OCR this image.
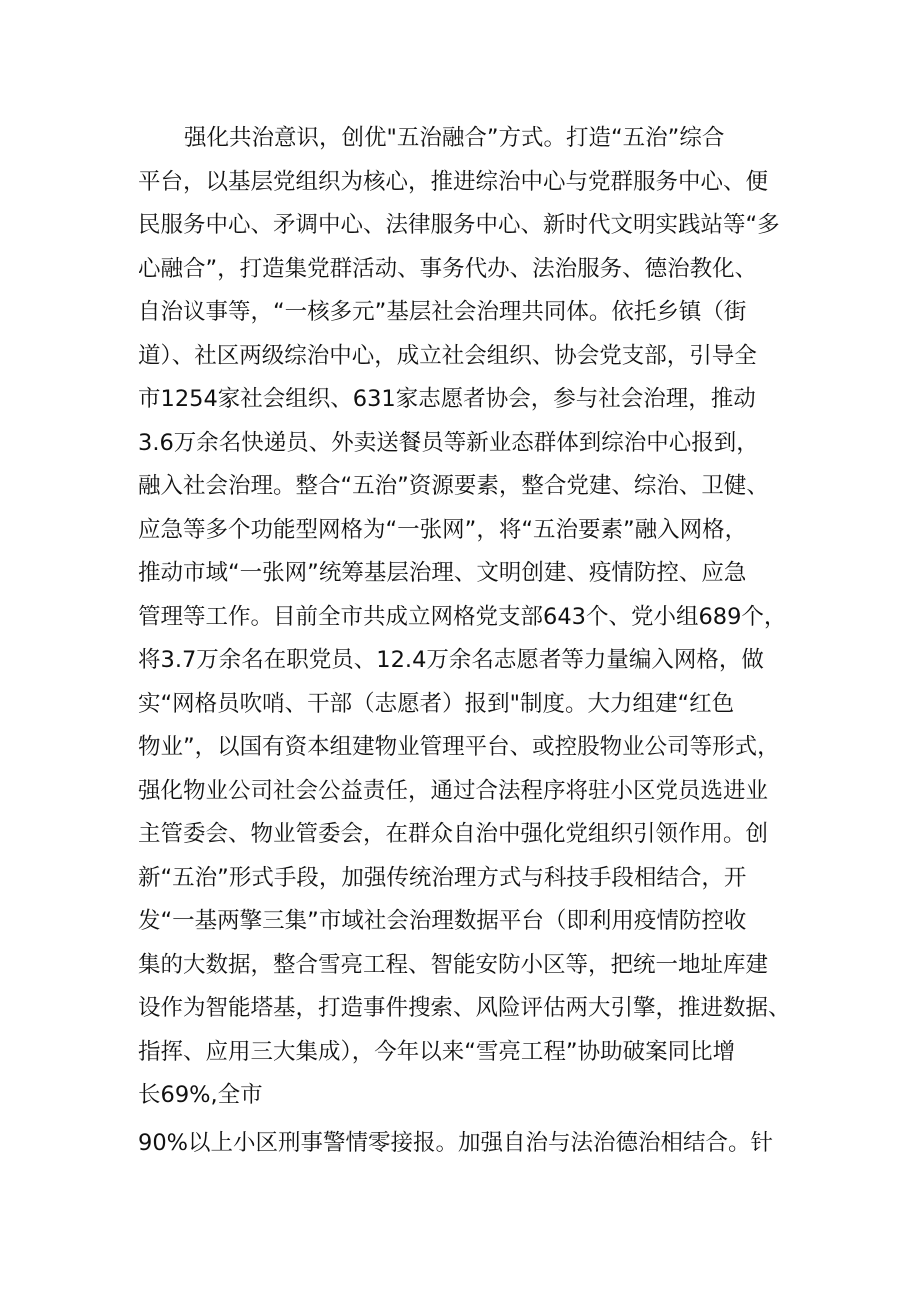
强化共治意识，创优"五治融合”方式。打造“五治”综合
平台，以基层党组织为核心，推进综治中心与党群服务中心、便
民服务中心、矛调中心、法律服务中心、新时代文明实践站等“多
心融合”，打造集党群活动、事务代办、法治服务、德治教化、
自治议事等，“一核多元”基层社会治理共同体。依托乡镇（街
道）、社区两级综治中心，成立社会组织、协会党支部，引导全
市1254家社会组织、631家志愿者协会，参与社会治理，推动
3.6万余名快递员、外卖送餐员等新业态群体到综治中心报到，
融入社会治理。整合“五治”资源要素，整合党建、综治、卫健、
应急等多个功能型网格为“一张网”，将“五治要素”融入网格，
推动市域“一张网”统筹基层治理、文明创建、疫情防控、应急
管理等工作。目前全市共成立网格党支部643个、党小组689个，
将3.7万余名在职党员、12.4万余名志愿者等力量编入网格，做
实“网格员吹哨、干部（志愿者）报到"制度。大力组建“红色
物业”，以国有资本组建物业管理平台、或控股物业公司等形式，
强化物业公司社会公益责任，通过合法程序将驻小区党员选进业
主管委会、物业管委会，在群众自治中强化党组织引领作用。创
新“五治”形式手段，加强传统治理方式与科技手段相结合，开
发“一基两擎三集”市域社会治理数据平台（即利用疫情防控收
集的大数据，整合雪亮工程、智能安防小区等，把统一地址库建
设作为智能塔基，打造事件搜索、风险评估两大引擎，推进数据、
指挥、应用三大集成），今年以来“雪亮工程”协助破案同比增
长69%,全市
90%以上小区刑事警情零接报。加强自治与法治德治相结合。针
